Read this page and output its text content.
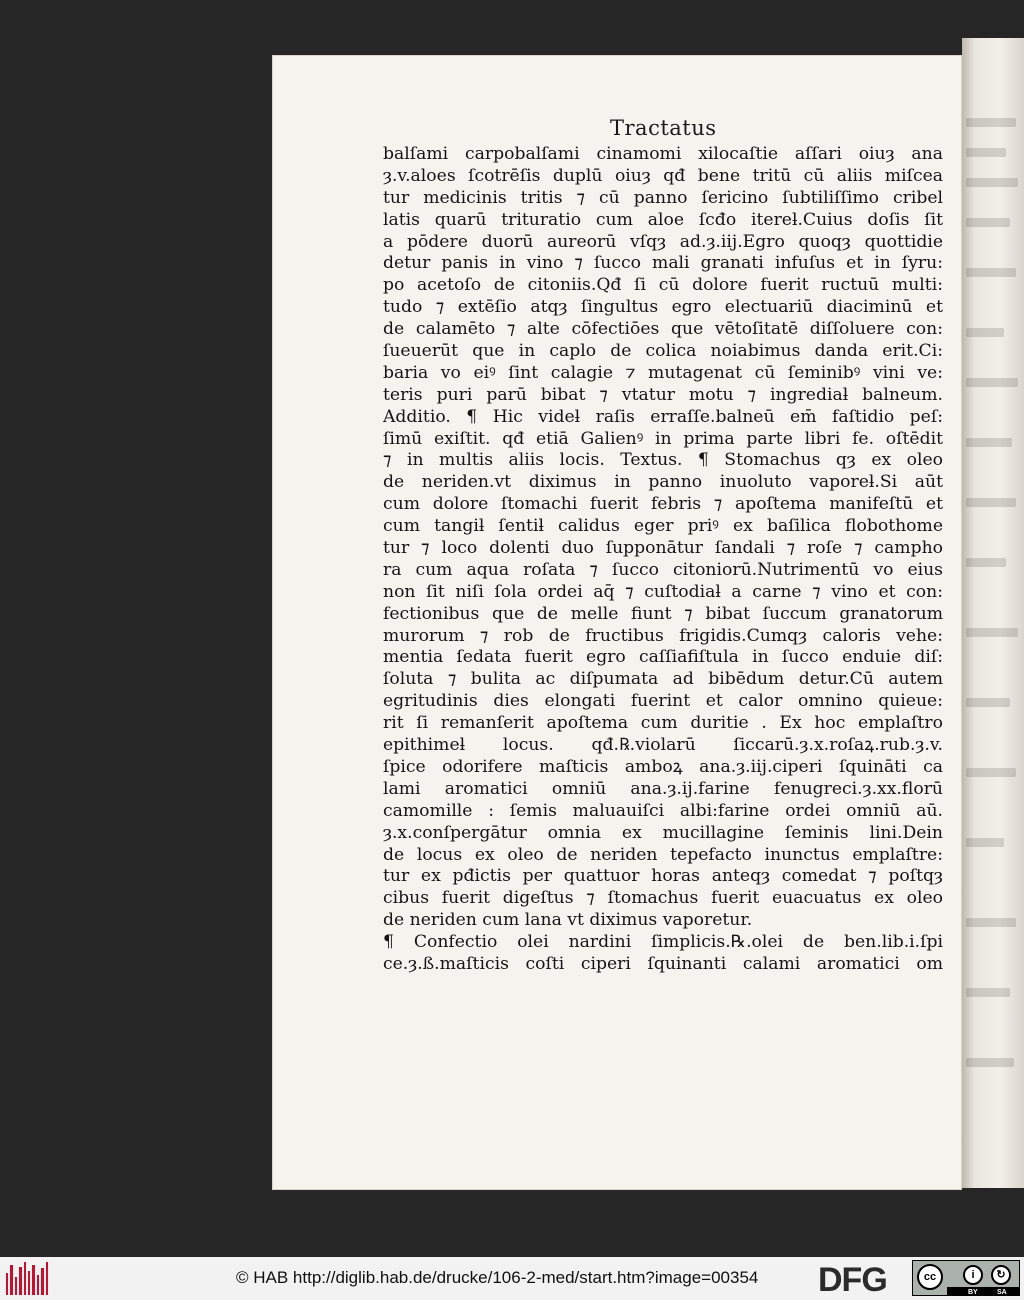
Tractatus
balſami carpobalſami cinamomi xilocaſtie aſſari oiuȝ ana
ȝ.v.aloes ſcotrēſis duplū oiuȝ qđ bene tritū cū aliis miſcea
tur medicinis tritis ⁊ cū panno ſericino ſubtiliſſimo cribel
latis quarū trituratio cum aloe ſcđo itereƚ.Cuius doſis ſit
a pōdere duorū aureorū vſqȝ ad.ȝ.iij.Egro quoqȝ quottidie
detur panis in vino ⁊ ſucco mali granati infuſus et in ſyru:
po acetoſo de citoniis.Qđ ſi cū dolore fuerit ructuū multi:
tudo ⁊ extēſio atqȝ ſingultus egro electuariū diaciminū et
de calamēto ⁊ alte cōfectiōes que vētoſitatē diſſoluere con:
ſueuerūt que in capl̄o de colica noiabimus danda erit.Ci:
baria vo eiꝰ ſint calagie ⁊ mutagenat cū ſeminibꝰ vini ve:
teris puri parū bibat ⁊ vtatur motu ⁊ ingrediaƚ balneum.
Additio. ¶ Hic videƚ raſis erraſſe.balneū em̄ faſtidio peſ:
ſimū exiſtit. qđ etiā Galienꝰ in prima parte libri fe. oſtēdit
⁊ in multis aliis locis. Textus. ¶ Stomachus qȝ ex oleo
de neriden.vt diximus in panno inuoluto vaporeƚ.Si aūt
cum dolore ſtomachi fuerit febris ⁊ apoſtema manifeſtū et
cum tangiƚ ſentiƚ calidus eger priꝰ ex baſilica flobothome
tur ⁊ loco dolenti duo ſupponātur ſandali ⁊ roſe ⁊ campho
ra cum aqua roſata ⁊ ſucco citoniorū.Nutrimentū vo eius
non ſit niſi ſola ordei aq̄ ⁊ cuſtodiaƚ a carne ⁊ vino et con:
fectionibus que de melle fiunt ⁊ bibat ſuccum granatorum
murorum ⁊ rob de fructibus frigidis.Cumqȝ caloris vehe:
mentia ſedata fuerit egro caſſiafiſtula in ſucco enduie diſ:
ſoluta ⁊ bulita ac diſpumata ad bibēdum detur.Cū autem
egritudinis dies elongati fuerint et calor omnino quieue:
rit ſi remanſerit apoſtema cum duritie . Ex hoc emplaſtro
epithimeƚ locus. qđ.℞.violarū ſiccarū.ȝ.x.roſaꝝ.rub.ȝ.v.
ſpice odorifere maſticis amboꝝ ana.ȝ.iij.ciperi ſquināti ca
lami aromatici omniū ana.ȝ.ij.farine fenugreci.ȝ.xx.florū
camomille : ſemis maluauiſci albi:farine ordei omniū aū.
ȝ.x.conſpergātur omnia ex mucillagine ſeminis lini.Dein
de locus ex oleo de neriden tepefacto inunctus emplaſtre:
tur ex pđictis per quattuor horas anteqȝ comedat ⁊ poſtqȝ
cibus fuerit digeſtus ⁊ ſtomachus fuerit euacuatus ex oleo
de neriden cum lana vt diximus vaporetur.
¶ Confectio olei nardini ſimplicis.℞.olei de ben.lib.i.ſpi
ce.ȝ.ß.maſticis coſti ciperi ſquinanti calami aromatici om
© HAB http://diglib.hab.de/drucke/106-2-med/start.htm?image=00354 DFG	cc	i	↻
BY	SA
